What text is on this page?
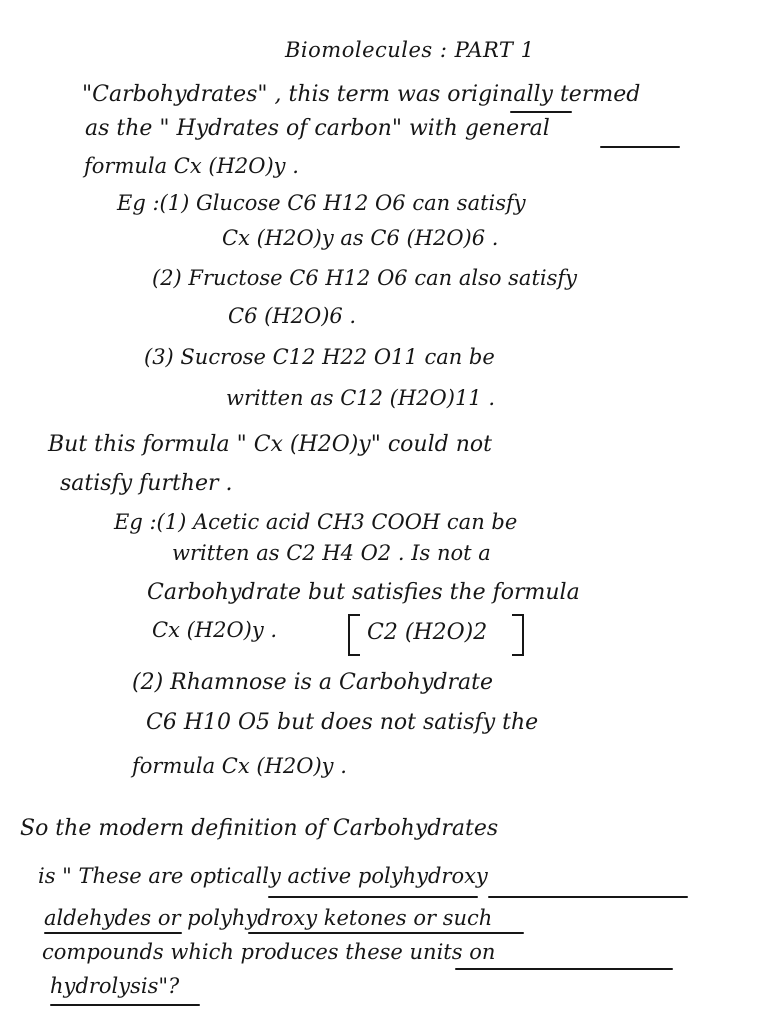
Biomolecules : PART 1
"Carbohydrates" , this term was originally termed
as the " Hydrates of carbon" with general
formula Cx (H2O)y .
Eg :(1) Glucose C6 H12 O6 can satisfy
Cx (H2O)y as C6 (H2O)6 .
(2) Fructose C6 H12 O6 can also satisfy
C6 (H2O)6 .
(3) Sucrose C12 H22 O11 can be
written as C12 (H2O)11 .
But this formula " Cx (H2O)y" could not
satisfy further .
Eg :(1) Acetic acid CH3 COOH can be
written as C2 H4 O2 . Is not a
Carbohydrate but satisfies the formula
Cx (H2O)y .	C2 (H2O)2
(2) Rhamnose is a Carbohydrate
C6 H10 O5 but does not satisfy the
formula Cx (H2O)y .
So the modern definition of Carbohydrates
is " These are optically active polyhydroxy
aldehydes or polyhydroxy ketones or such
compounds which produces these units on
hydrolysis"?
